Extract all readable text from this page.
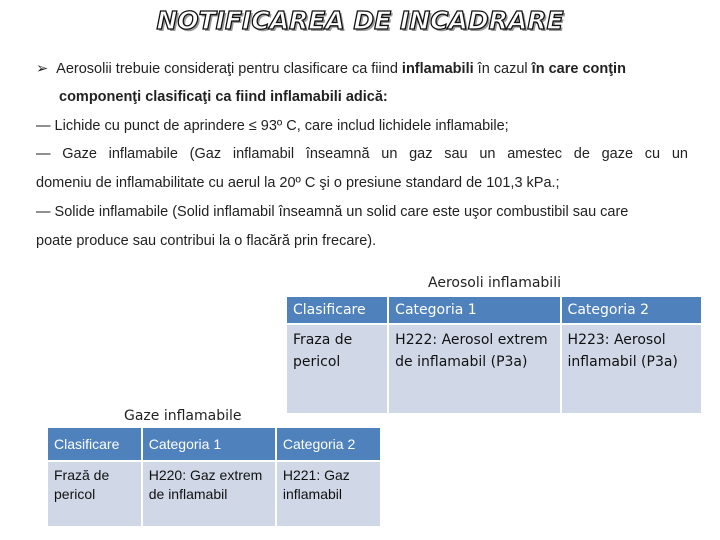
NOTIFICAREA DE INCADRARE
➢ Aerosolii trebuie consideraţi pentru clasificare ca fiind inflamabili în cazul în care conţin
componenţi clasificaţi ca fiind inflamabili adică:
— Lichide cu punct de aprindere ≤ 93º C, care includ lichidele inflamabile;
— Gaze inflamabile (Gaz inflamabil înseamnă un gaz sau un amestec de gaze cu un
domeniu de inflamabilitate cu aerul la 20º C şi o presiune standard de 101,3 kPa.;
— Solide inflamabile (Solid inflamabil înseamnă un solid care este uşor combustibil sau care
poate produce sau contribui la o flacără prin frecare).
Aerosoli inflamabili
Clasificare	Categoria 1	Categoria 2
Fraza de pericol	H222: Aerosol extrem de inflamabil (P3a)	H223: Aerosol inflamabil (P3a)
Gaze inflamabile
Clasificare	Categoria 1	Categoria 2
Frază de pericol	H220: Gaz extrem de inflamabil	H221: Gaz inflamabil
